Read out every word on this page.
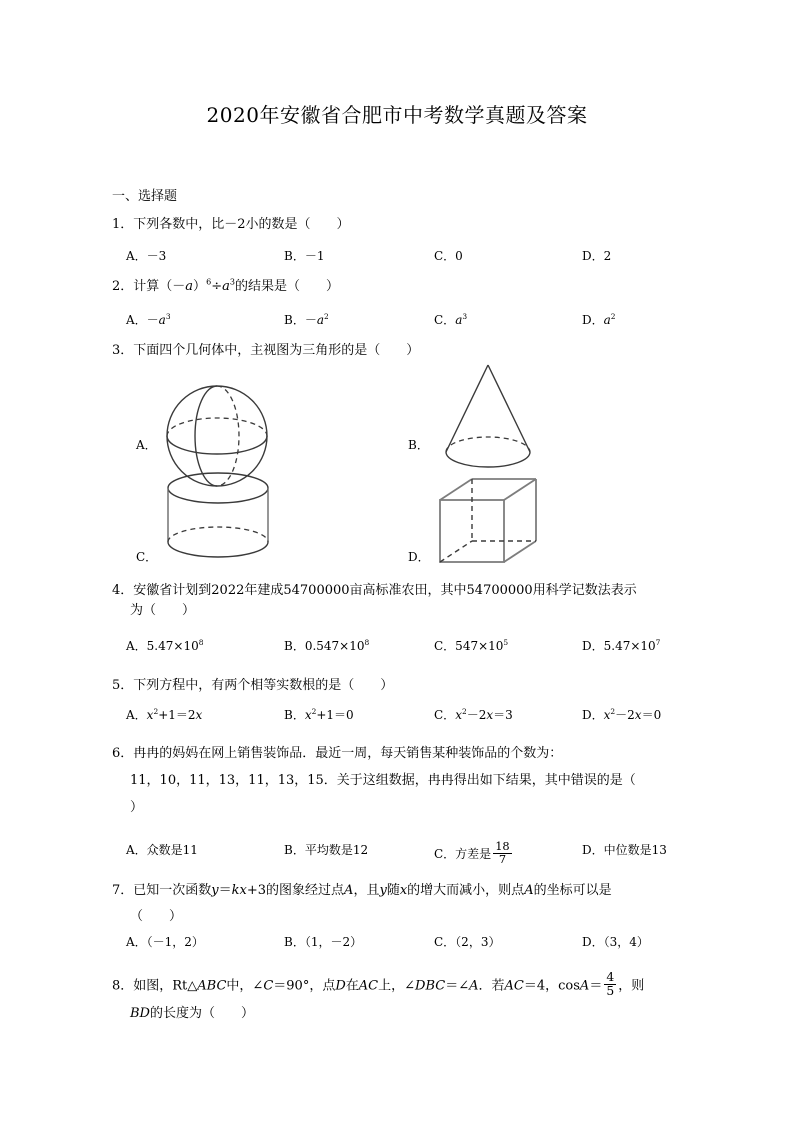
2020年安徽省合肥市中考数学真题及答案
一、选择题
1．下列各数中，比－2小的数是（　　）
A．－3	B．－1	C．0	D．2
2．计算$(-a)^6\div a^3$的结果是（　　）
A．$-a^3$	B．$-a^2$	C．$a^3$	D．$a^2$
3．下面四个几何体中，主视图为三角形的是（　　）
A．	B．
C．	D．
4．安徽省计划到2022年建成54700000亩高标准农田，其中54700000用科学记数法表示
为（　　）
A．$5.47\times 10^8$	B．$0.547\times 10^8$	C．$547\times 10^5$	D．$5.47\times 10^7$
5．下列方程中，有两个相等实数根的是（　　）
A．$x^2+1=2x$	B．$x^2+1=0$	C．$x^2-2x=3$	D．$x^2-2x=0$
6．冉冉的妈妈在网上销售装饰品．最近一周，每天销售某种装饰品的个数为：
11，10，11，13，11，13，15．关于这组数据，冉冉得出如下结果，其中错误的是（
）
A．众数是11	B．平均数是12	C．方差是 $\frac{18}{7}$	D．中位数是13
7．已知一次函数y＝kx+3的图象经过点A，且y随x的增大而减小，则点A的坐标可以是
（　　）
A．（－1，2）	B．（1，－2）	C．（2，3）	D．（3，4）
8．如图，Rt△ABC中，∠C＝90°，点D在AC上，∠DBC＝∠A．若AC＝4，$\cos A= \frac{4}{5}$ ，则
BD的长度为（　　）
